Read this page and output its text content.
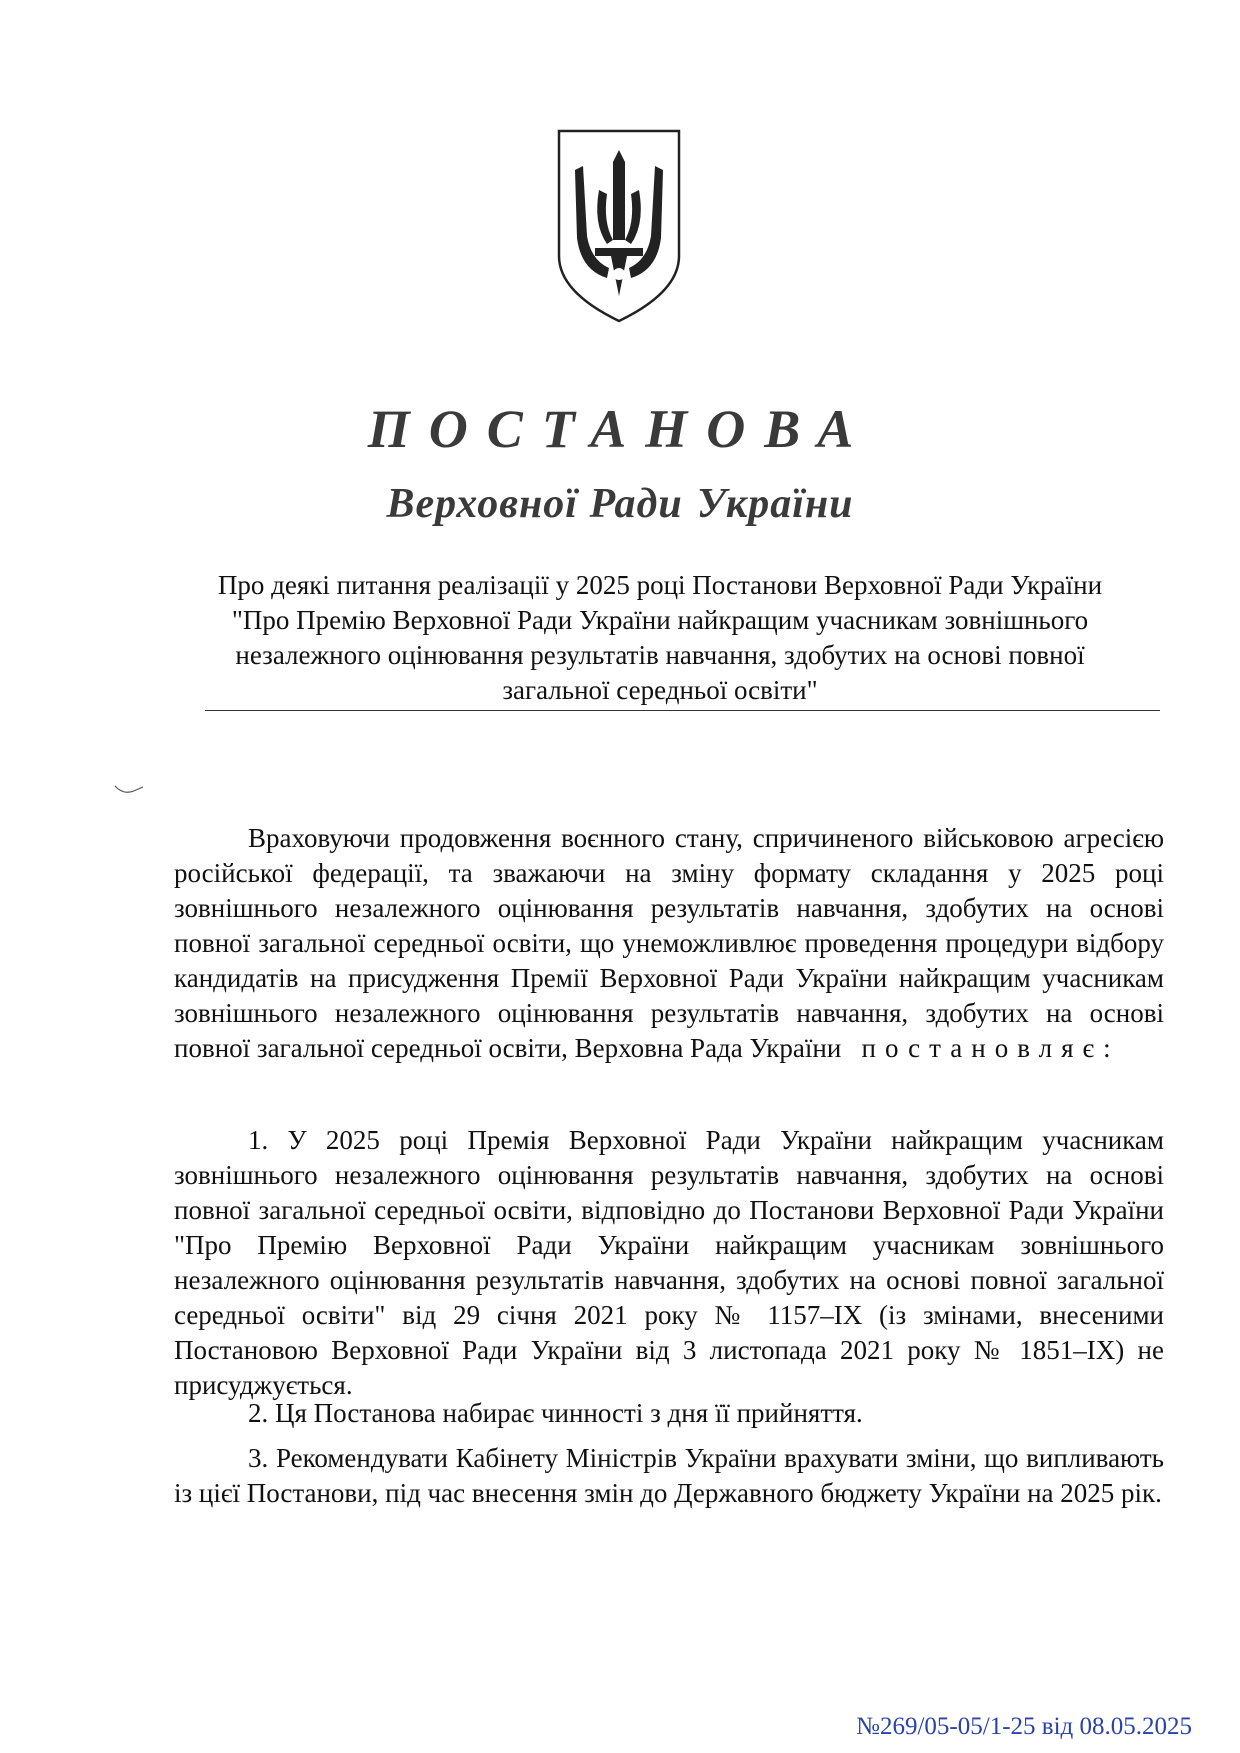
ПОСТАНОВА
Верховної Ради України
Про деякі питання реалізації у 2025 році Постанови Верховної Ради України
"Про Премію Верховної Ради України найкращим учасникам зовнішнього
незалежного оцінювання результатів навчання, здобутих на основі повної
загальної середньої освіти"

Враховуючи продовження воєнного стану, спричиненого військовою агресією російської федерації, та зважаючи на зміну формату складання у 2025 році зовнішнього незалежного оцінювання результатів навчання, здобутих на основі повної загальної середньої освіти, що унеможливлює проведення процедури відбору кандидатів на присудження Премії Верховної Ради України найкращим учасникам зовнішнього незалежного оцінювання результатів навчання, здобутих на основі повної загальної середньої освіти, Верховна Рада України постановляє:

1. У 2025 році Премія Верховної Ради України найкращим учасникам зовнішнього незалежного оцінювання результатів навчання, здобутих на основі повної загальної середньої освіти, відповідно до Постанови Верховної Ради України "Про Премію Верховної Ради України найкращим учасникам зовнішнього незалежного оцінювання результатів навчання, здобутих на основі повної загальної середньої освіти" від 29 січня 2021 року № 1157–IX (із змінами, внесеними Постановою Верховної Ради України від 3 листопада 2021 року № 1851–IX) не присуджується.

2. Ця Постанова набирає чинності з дня її прийняття.

3. Рекомендувати Кабінету Міністрів України врахувати зміни, що випливають із цієї Постанови, під час внесення змін до Державного бюджету України на 2025 рік.

№269/05-05/1-25 від 08.05.2025
